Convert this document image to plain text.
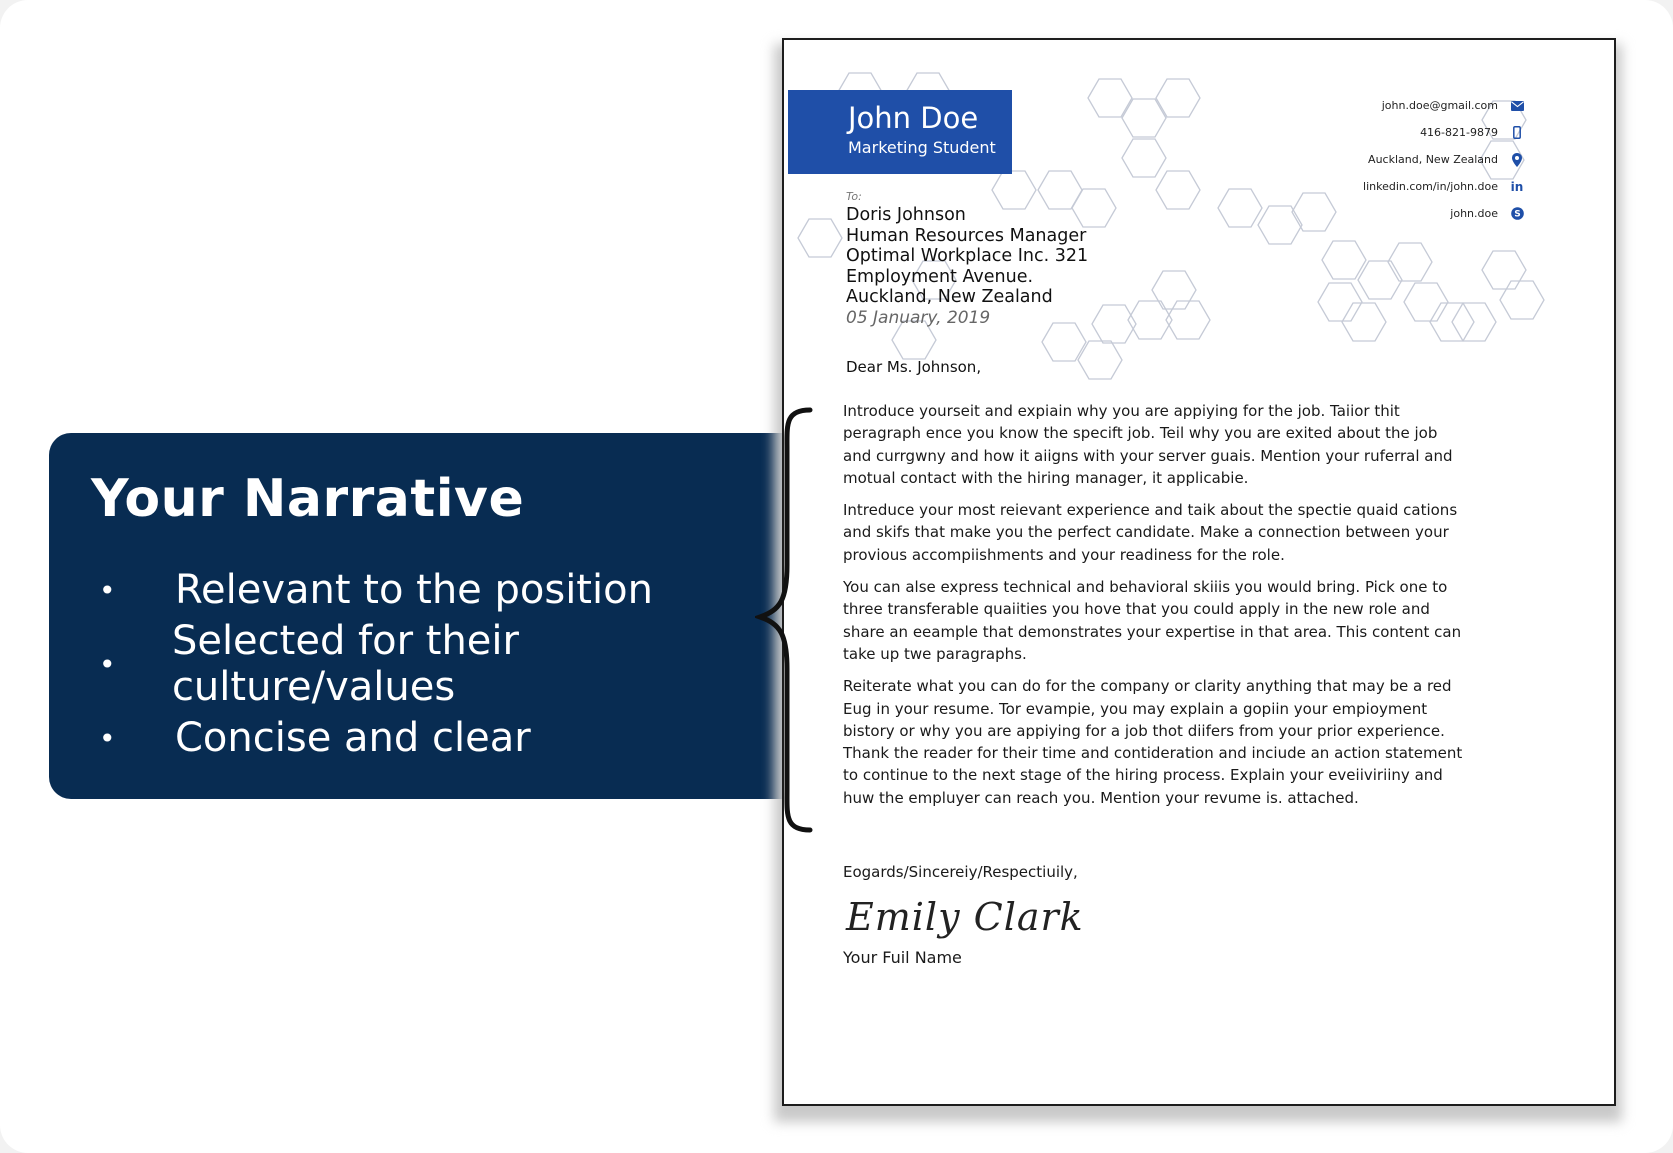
Your Narrative
•	Relevant to the position
•	Selected for their culture/values
•	Concise and clear
John Doe
Marketing Student
john.doe@gmail.com
416-821-9879
Auckland, New Zealand
linkedin.com/in/john.doe in
john.doe S
To:
Doris Johnson
Human Resources Manager
Optimal Workplace Inc. 321
Employment Avenue.
Auckland, New Zealand
05 January, 2019
Dear Ms. Johnson,

Introduce yourseit and expiain why you are appiying for the job. Taiior thit peragraph ence you know the specift job. Teil why you are exited about the job and currgwny and how it aiigns with your server guais. Mention your ruferral and motual contact with the hiring manager, it applicabie.

Intreduce your most reievant experience and taik about the spectie quaid cations and skifs that make you the perfect candidate. Make a connection between your provious accompiishments and your readiness for the role.

You can alse express technical and behavioral skiiis you would bring. Pick one to three transferable quaiities you hove that you could apply in the new role and share an eeample that demonstrates your expertise in that area. This content can take up twe paragraphs.

Reiterate what you can do for the company or clarity anything that may be a red Eug in your resume. Tor evampie, you may explain a gopiin your empioyment bistory or why you are appiying for a job thot diifers from your prior experience. Thank the reader for their time and contideration and inciude an action statement to continue to the next stage of the hiring process. Explain your eveiiviriiny and huw the empluyer can reach you. Mention your revume is. attached.

Eogards/Sincereiy/Respectiuily,
Emily Clark
Your Fuil Name
